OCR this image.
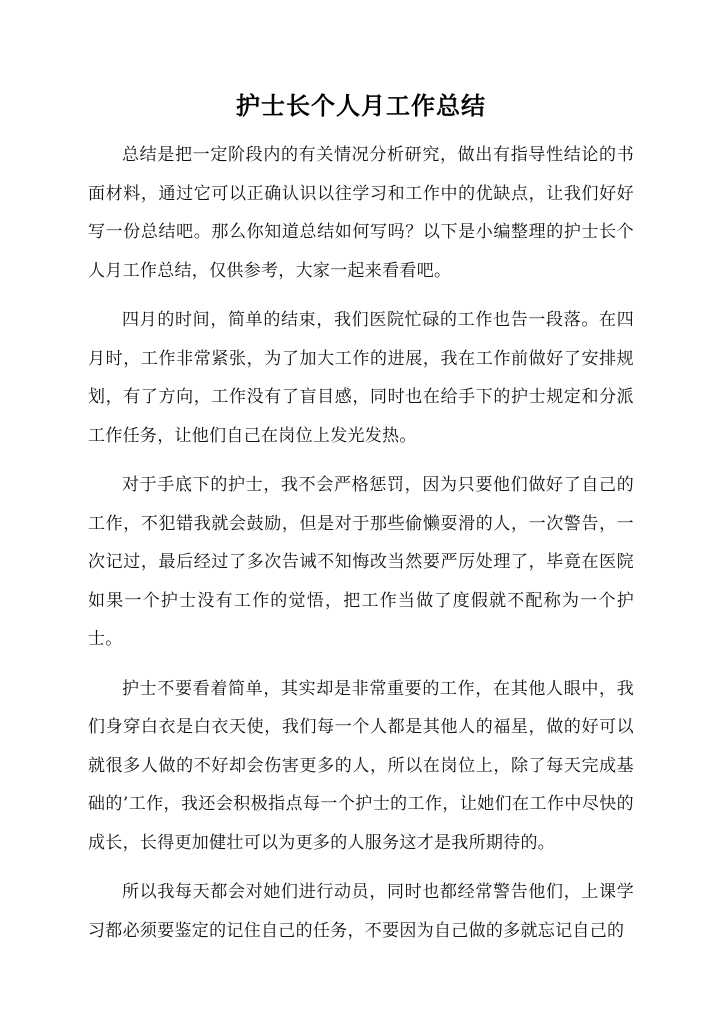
护士长个人月工作总结

总结是把一定阶段内的有关情况分析研究，做出有指导性结论的书面材料，通过它可以正确认识以往学习和工作中的优缺点，让我们好好写一份总结吧。那么你知道总结如何写吗？以下是小编整理的护士长个人月工作总结，仅供参考，大家一起来看看吧。

四月的时间，简单的结束，我们医院忙碌的工作也告一段落。在四月时，工作非常紧张，为了加大工作的进展，我在工作前做好了安排规划，有了方向，工作没有了盲目感，同时也在给手下的护士规定和分派工作任务，让他们自己在岗位上发光发热。

对于手底下的护士，我不会严格惩罚，因为只要他们做好了自己的工作，不犯错我就会鼓励，但是对于那些偷懒耍滑的人，一次警告，一次记过，最后经过了多次告诫不知悔改当然要严厉处理了，毕竟在医院如果一个护士没有工作的觉悟，把工作当做了度假就不配称为一个护士。

护士不要看着简单，其实却是非常重要的工作，在其他人眼中，我们身穿白衣是白衣天使，我们每一个人都是其他人的福星，做的好可以就很多人做的不好却会伤害更多的人，所以在岗位上，除了每天完成基础的’工作，我还会积极指点每一个护士的工作，让她们在工作中尽快的成长，长得更加健壮可以为更多的人服务这才是我所期待的。

所以我每天都会对她们进行动员，同时也都经常警告他们，上课学习都必须要鉴定的记住自己的任务，不要因为自己做的多就忘记自己的
